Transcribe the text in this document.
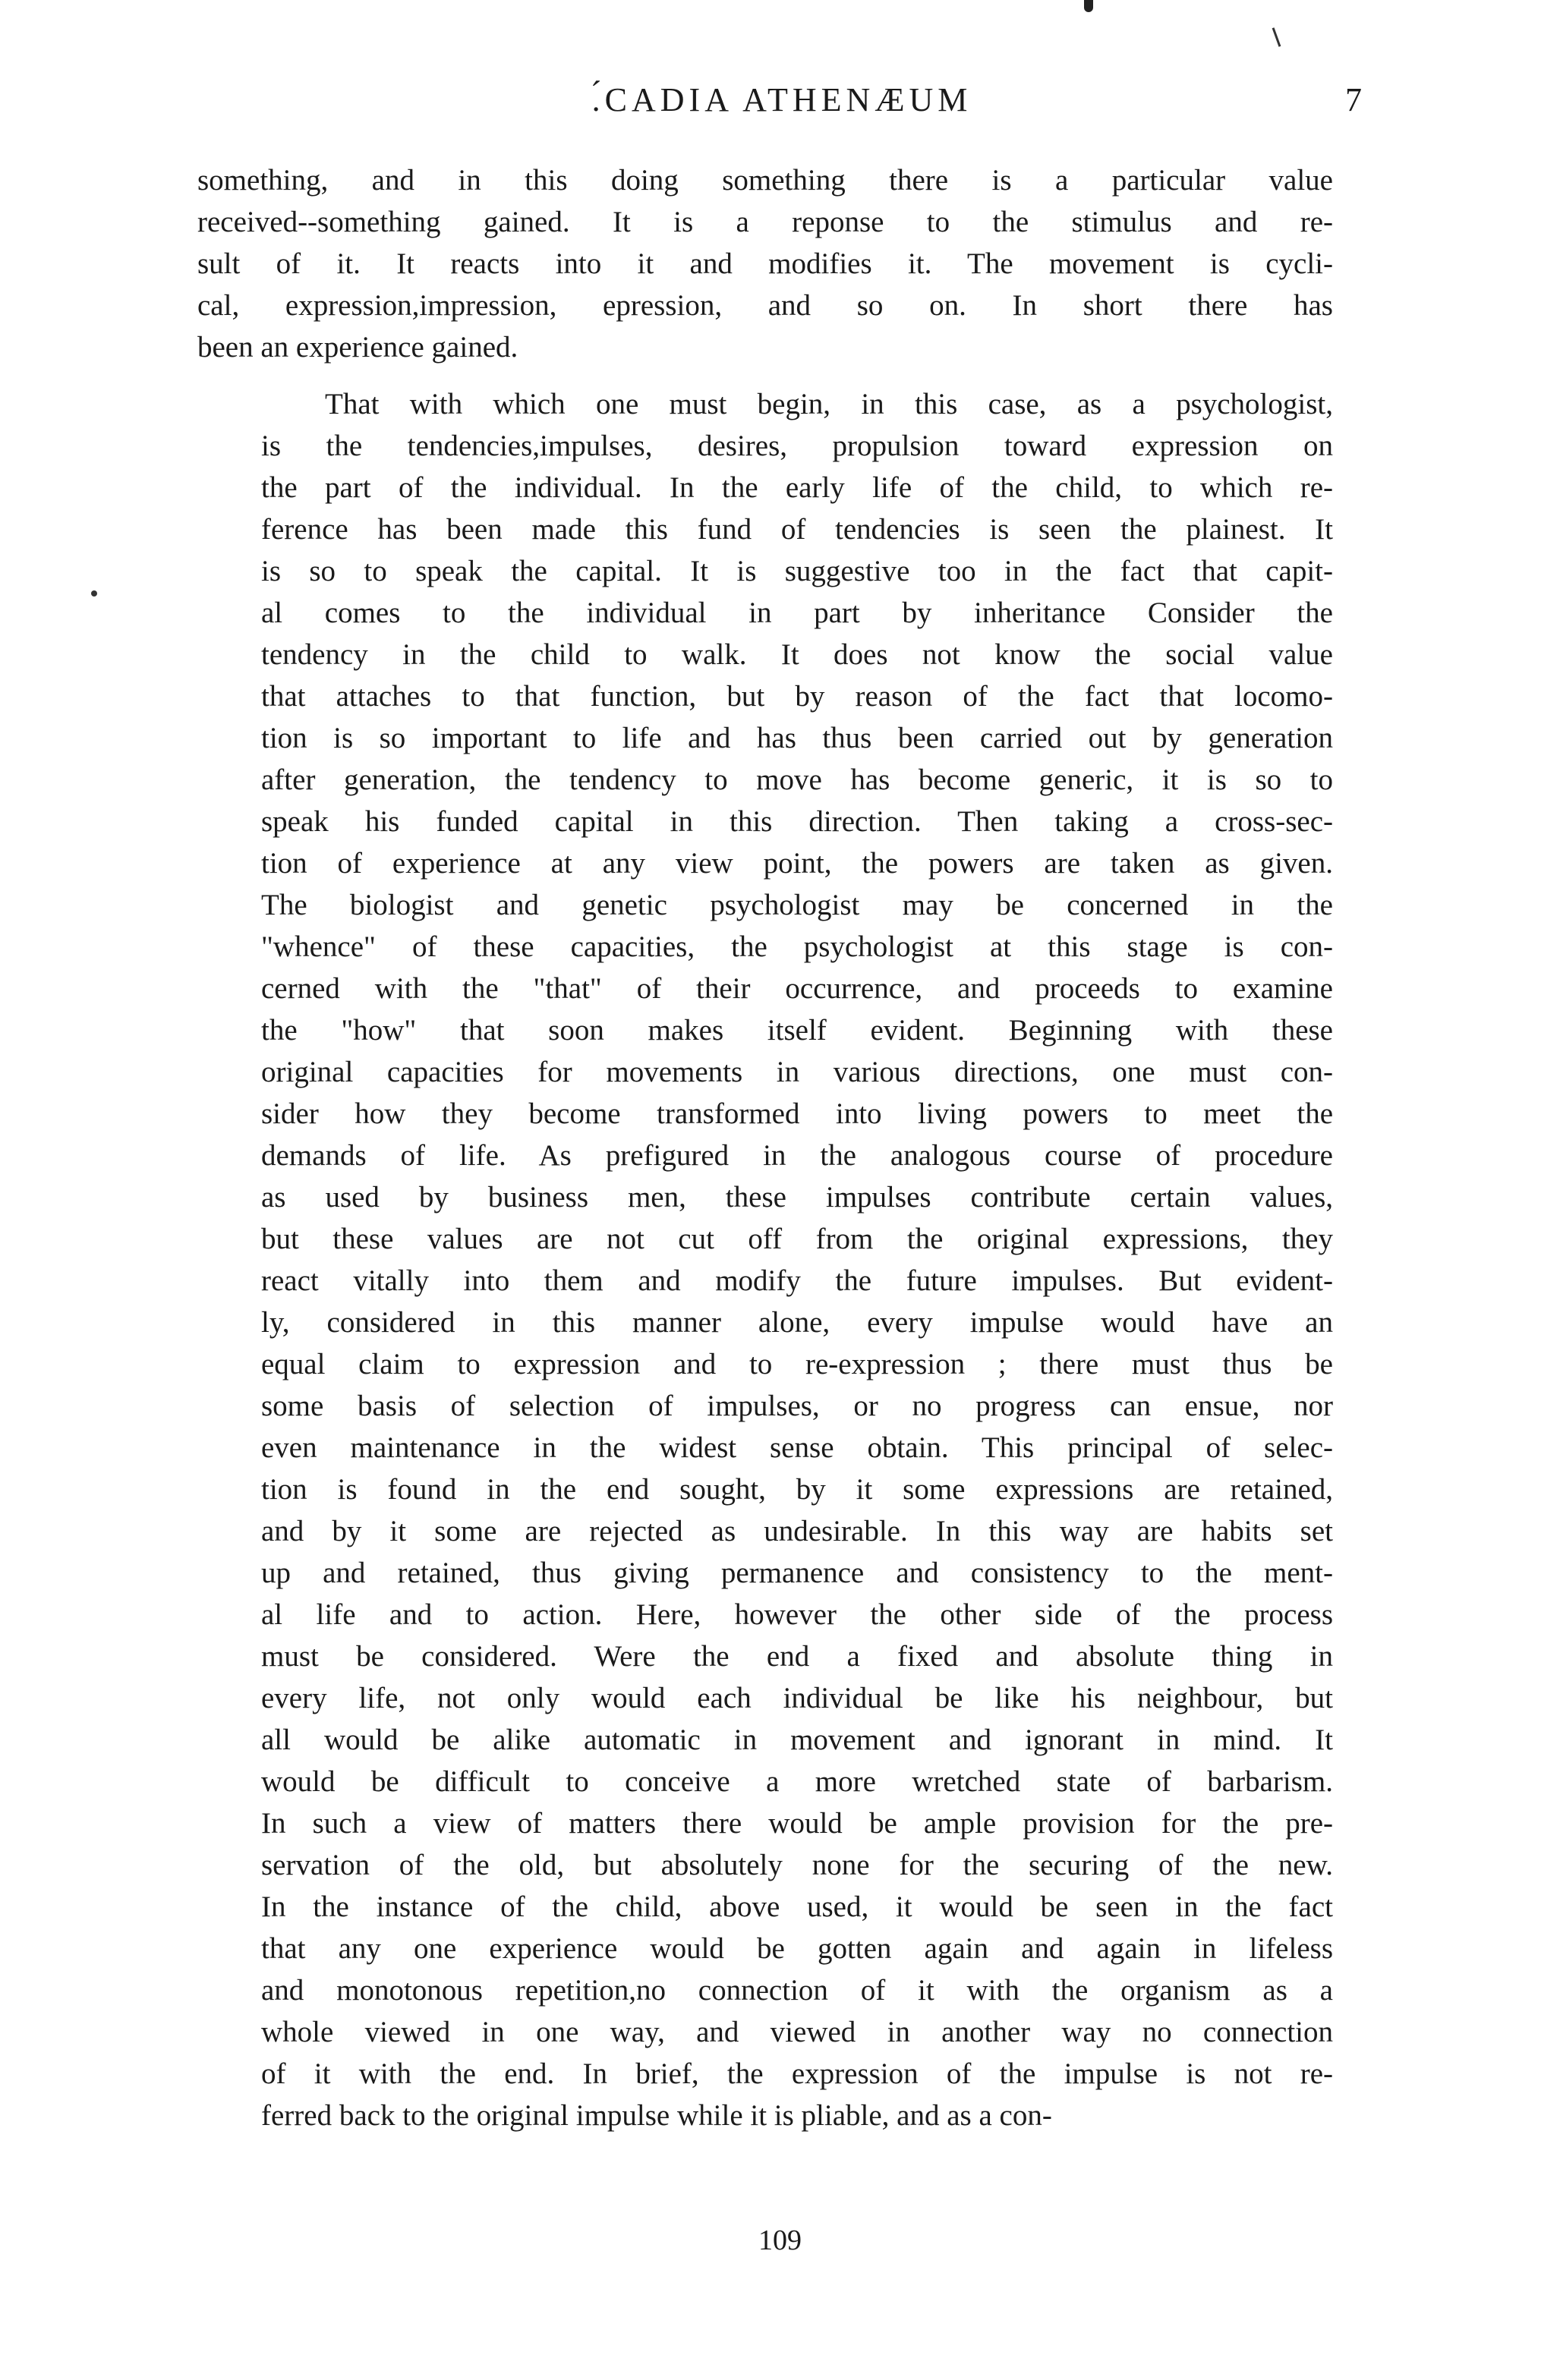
.́CADIA ATHENÆUM	7
something, and in this doing something there is a particular value
received--something gained. It is a reponse to the stimulus and re-
sult of it. It reacts into it and modifies it. The movement is cycli-
cal, expression,impression, epression, and so on. In short there has
been an experience gained.
That with which one must begin, in this case, as a psychologist,
is the tendencies,impulses, desires, propulsion toward expression on
the part of the individual. In the early life of the child, to which re-
ference has been made this fund of tendencies is seen the plainest. It
is so to speak the capital. It is suggestive too in the fact that capit-
al comes to the individual in part by inheritance Consider the
tendency in the child to walk. It does not know the social value
that attaches to that function, but by reason of the fact that locomo-
tion is so important to life and has thus been carried out by generation
after generation, the tendency to move has become generic, it is so to
speak his funded capital in this direction. Then taking a cross-sec-
tion of experience at any view point, the powers are taken as given.
The biologist and genetic psychologist may be concerned in the
"whence" of these capacities, the psychologist at this stage is con-
cerned with the "that" of their occurrence, and proceeds to examine
the "how" that soon makes itself evident. Beginning with these
original capacities for movements in various directions, one must con-
sider how they become transformed into living powers to meet the
demands of life. As prefigured in the analogous course of procedure
as used by business men, these impulses contribute certain values,
but these values are not cut off from the original expressions, they
react vitally into them and modify the future impulses. But evident-
ly, considered in this manner alone, every impulse would have an
equal claim to expression and to re-expression ; there must thus be
some basis of selection of impulses, or no progress can ensue, nor
even maintenance in the widest sense obtain. This principal of selec-
tion is found in the end sought, by it some expressions are retained,
and by it some are rejected as undesirable. In this way are habits set
up and retained, thus giving permanence and consistency to the ment-
al life and to action. Here, however the other side of the process
must be considered. Were the end a fixed and absolute thing in
every life, not only would each individual be like his neighbour, but
all would be alike automatic in movement and ignorant in mind. It
would be difficult to conceive a more wretched state of barbarism.
In such a view of matters there would be ample provision for the pre-
servation of the old, but absolutely none for the securing of the new.
In the instance of the child, above used, it would be seen in the fact
that any one experience would be gotten again and again in lifeless
and monotonous repetition,no connection of it with the organism as a
whole viewed in one way, and viewed in another way no connection
of it with the end. In brief, the expression of the impulse is not re-
ferred back to the original impulse while it is pliable, and as a con-
109
